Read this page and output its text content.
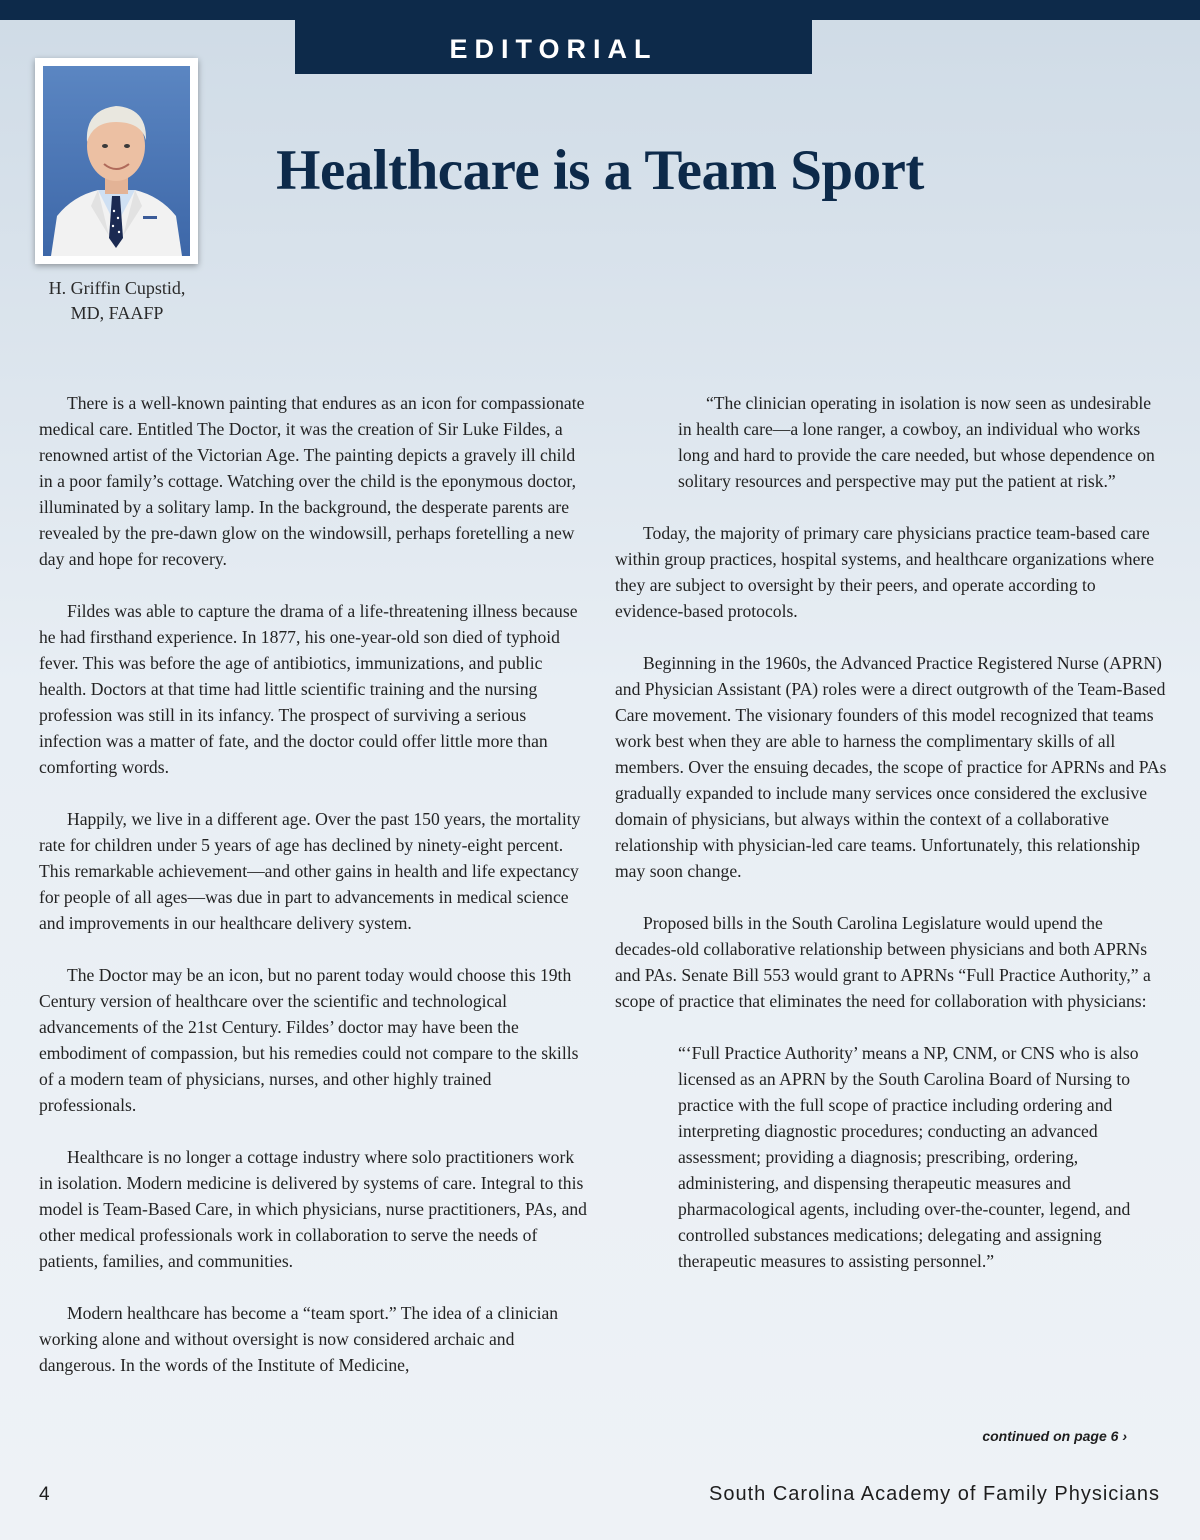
EDITORIAL
H. Griffin Cupstid,
MD, FAAFP
Healthcare is a Team Sport

There is a well-known painting that endures as an icon for compassionate medical care. Entitled The Doctor, it was the creation of Sir Luke Fildes, a renowned artist of the Victorian Age. The painting depicts a gravely ill child in a poor family’s cottage. Watching over the child is the eponymous doctor, illuminated by a solitary lamp. In the background, the desperate parents are revealed by the pre-dawn glow on the windowsill, perhaps foretelling a new day and hope for recovery.

Fildes was able to capture the drama of a life-threatening illness because he had firsthand experience. In 1877, his one-year-old son died of typhoid fever. This was before the age of antibiotics, immunizations, and public health. Doctors at that time had little scientific training and the nursing profession was still in its infancy. The prospect of surviving a serious infection was a matter of fate, and the doctor could offer little more than comforting words.

Happily, we live in a different age. Over the past 150 years, the mortality rate for children under 5 years of age has declined by ninety-eight percent. This remarkable achievement—and other gains in health and life expectancy for people of all ages—was due in part to advancements in medical science and improvements in our healthcare delivery system.

The Doctor may be an icon, but no parent today would choose this 19th Century version of healthcare over the scientific and technological advancements of the 21st Century. Fildes’ doctor may have been the embodiment of compassion, but his remedies could not compare to the skills of a modern team of physicians, nurses, and other highly trained professionals.

Healthcare is no longer a cottage industry where solo practitioners work in isolation. Modern medicine is delivered by systems of care. Integral to this model is Team-Based Care, in which physicians, nurse practitioners, PAs, and other medical professionals work in collaboration to serve the needs of patients, families, and communities.

Modern healthcare has become a “team sport.” The idea of a clinician working alone and without oversight is now considered archaic and dangerous. In the words of the Institute of Medicine,

“The clinician operating in isolation is now seen as undesirable in health care—a lone ranger, a cowboy, an individual who works long and hard to provide the care needed, but whose dependence on solitary resources and perspective may put the patient at risk.”

Today, the majority of primary care physicians practice team-based care within group practices, hospital systems, and healthcare organizations where they are subject to oversight by their peers, and operate according to evidence-based protocols.

Beginning in the 1960s, the Advanced Practice Registered Nurse (APRN) and Physician Assistant (PA) roles were a direct outgrowth of the Team-Based Care movement. The visionary founders of this model recognized that teams work best when they are able to harness the complimentary skills of all members. Over the ensuing decades, the scope of practice for APRNs and PAs gradually expanded to include many services once considered the exclusive domain of physicians, but always within the context of a collaborative relationship with physician-led care teams. Unfortunately, this relationship may soon change.

Proposed bills in the South Carolina Legislature would upend the decades-old collaborative relationship between physicians and both APRNs and PAs. Senate Bill 553 would grant to APRNs “Full Practice Authority,” a scope of practice that eliminates the need for collaboration with physicians:

“‘Full Practice Authority’ means a NP, CNM, or CNS who is also licensed as an APRN by the South Carolina Board of Nursing to practice with the full scope of practice including ordering and interpreting diagnostic procedures; conducting an advanced assessment; providing a diagnosis; prescribing, ordering, administering, and dispensing therapeutic measures and pharmacological agents, including over-the-counter, legend, and controlled substances medications; delegating and assigning therapeutic measures to assisting personnel.”

continued on page 6 ›
4	South Carolina Academy of Family Physicians
